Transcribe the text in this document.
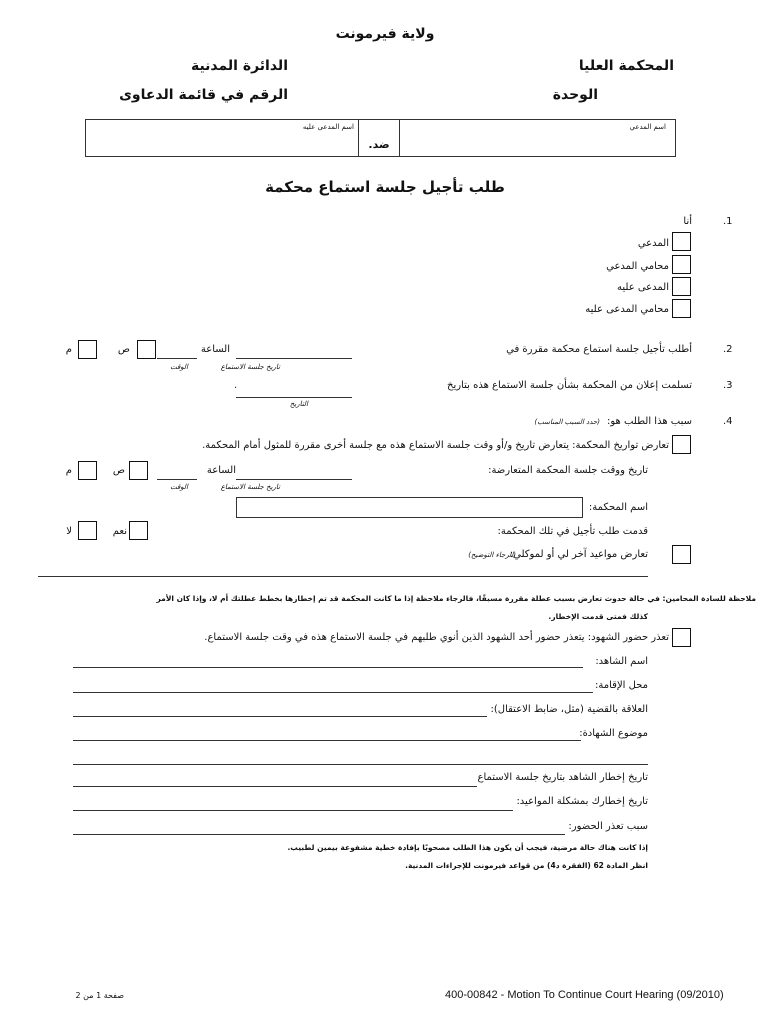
ولاية فيرمونت
المحكمة العليا
الدائرة المدنية
الوحدة
الرقم في قائمة الدعاوى
اسم المدعي
اسم المدعى عليه
ضد.
طلب تأجيل جلسة استماع محكمة
.1
أنا
المدعي
محامي المدعي
المدعى عليه
محامي المدعى عليه
.2
أطلب تأجيل جلسة استماع محكمة مقررة في
تاريخ جلسة الاستماع
الساعة
الوقت
ص
م
.3
تسلمت إعلان من المحكمة بشأن جلسة الاستماع هذه بتاريخ
.
التاريخ
.4
سبب هذا الطلب هو:
(حدد السبب المناسب)
تعارض تواريخ المحكمة: يتعارض تاريخ و/أو وقت جلسة الاستماع هذه مع جلسة أخرى مقررة للمثول أمام المحكمة.
تاريخ ووقت جلسة المحكمة المتعارضة:
تاريخ جلسة الاستماع
الساعة
الوقت
ص
م
اسم المحكمة:
قدمت طلب تأجيل في تلك المحكمة:
نعم
لا
تعارض مواعيد آخر لي أو لموكلي:
(الرجاء التوضيح)
ملاحظة للسادة المحامين: في حالة حدوث تعارض بسبب عطلة مقررة مسبقًا، فالرجاء ملاحظة إذا ما كانت المحكمة قد تم إخطارها بخطط عطلتك أم لا، وإذا كان الأمر
كذلك فمتى قدمت الإخطار.
تعذر حضور الشهود: يتعذر حضور أحد الشهود الذين أنوي طلبهم في جلسة الاستماع هذه في وقت جلسة الاستماع.
اسم الشاهد:
محل الإقامة:
العلاقة بالقضية (مثل، ضابط الاعتقال):
موضوع الشهادة:
تاريخ إخطار الشاهد بتاريخ جلسة الاستماع
تاريخ إخطارك بمشكلة المواعيد:
سبب تعذر الحضور:
إذا كانت هناك حالة مرضية، فيجب أن يكون هذا الطلب مصحوبًا بإفادة خطية مشفوعة بيمين لطبيب.
انظر المادة 62 (الفقرة د4) من قواعد فيرمونت للإجراءات المدنية.
400-00842 - Motion To Continue Court Hearing (09/2010)
صفحة 1 من 2
